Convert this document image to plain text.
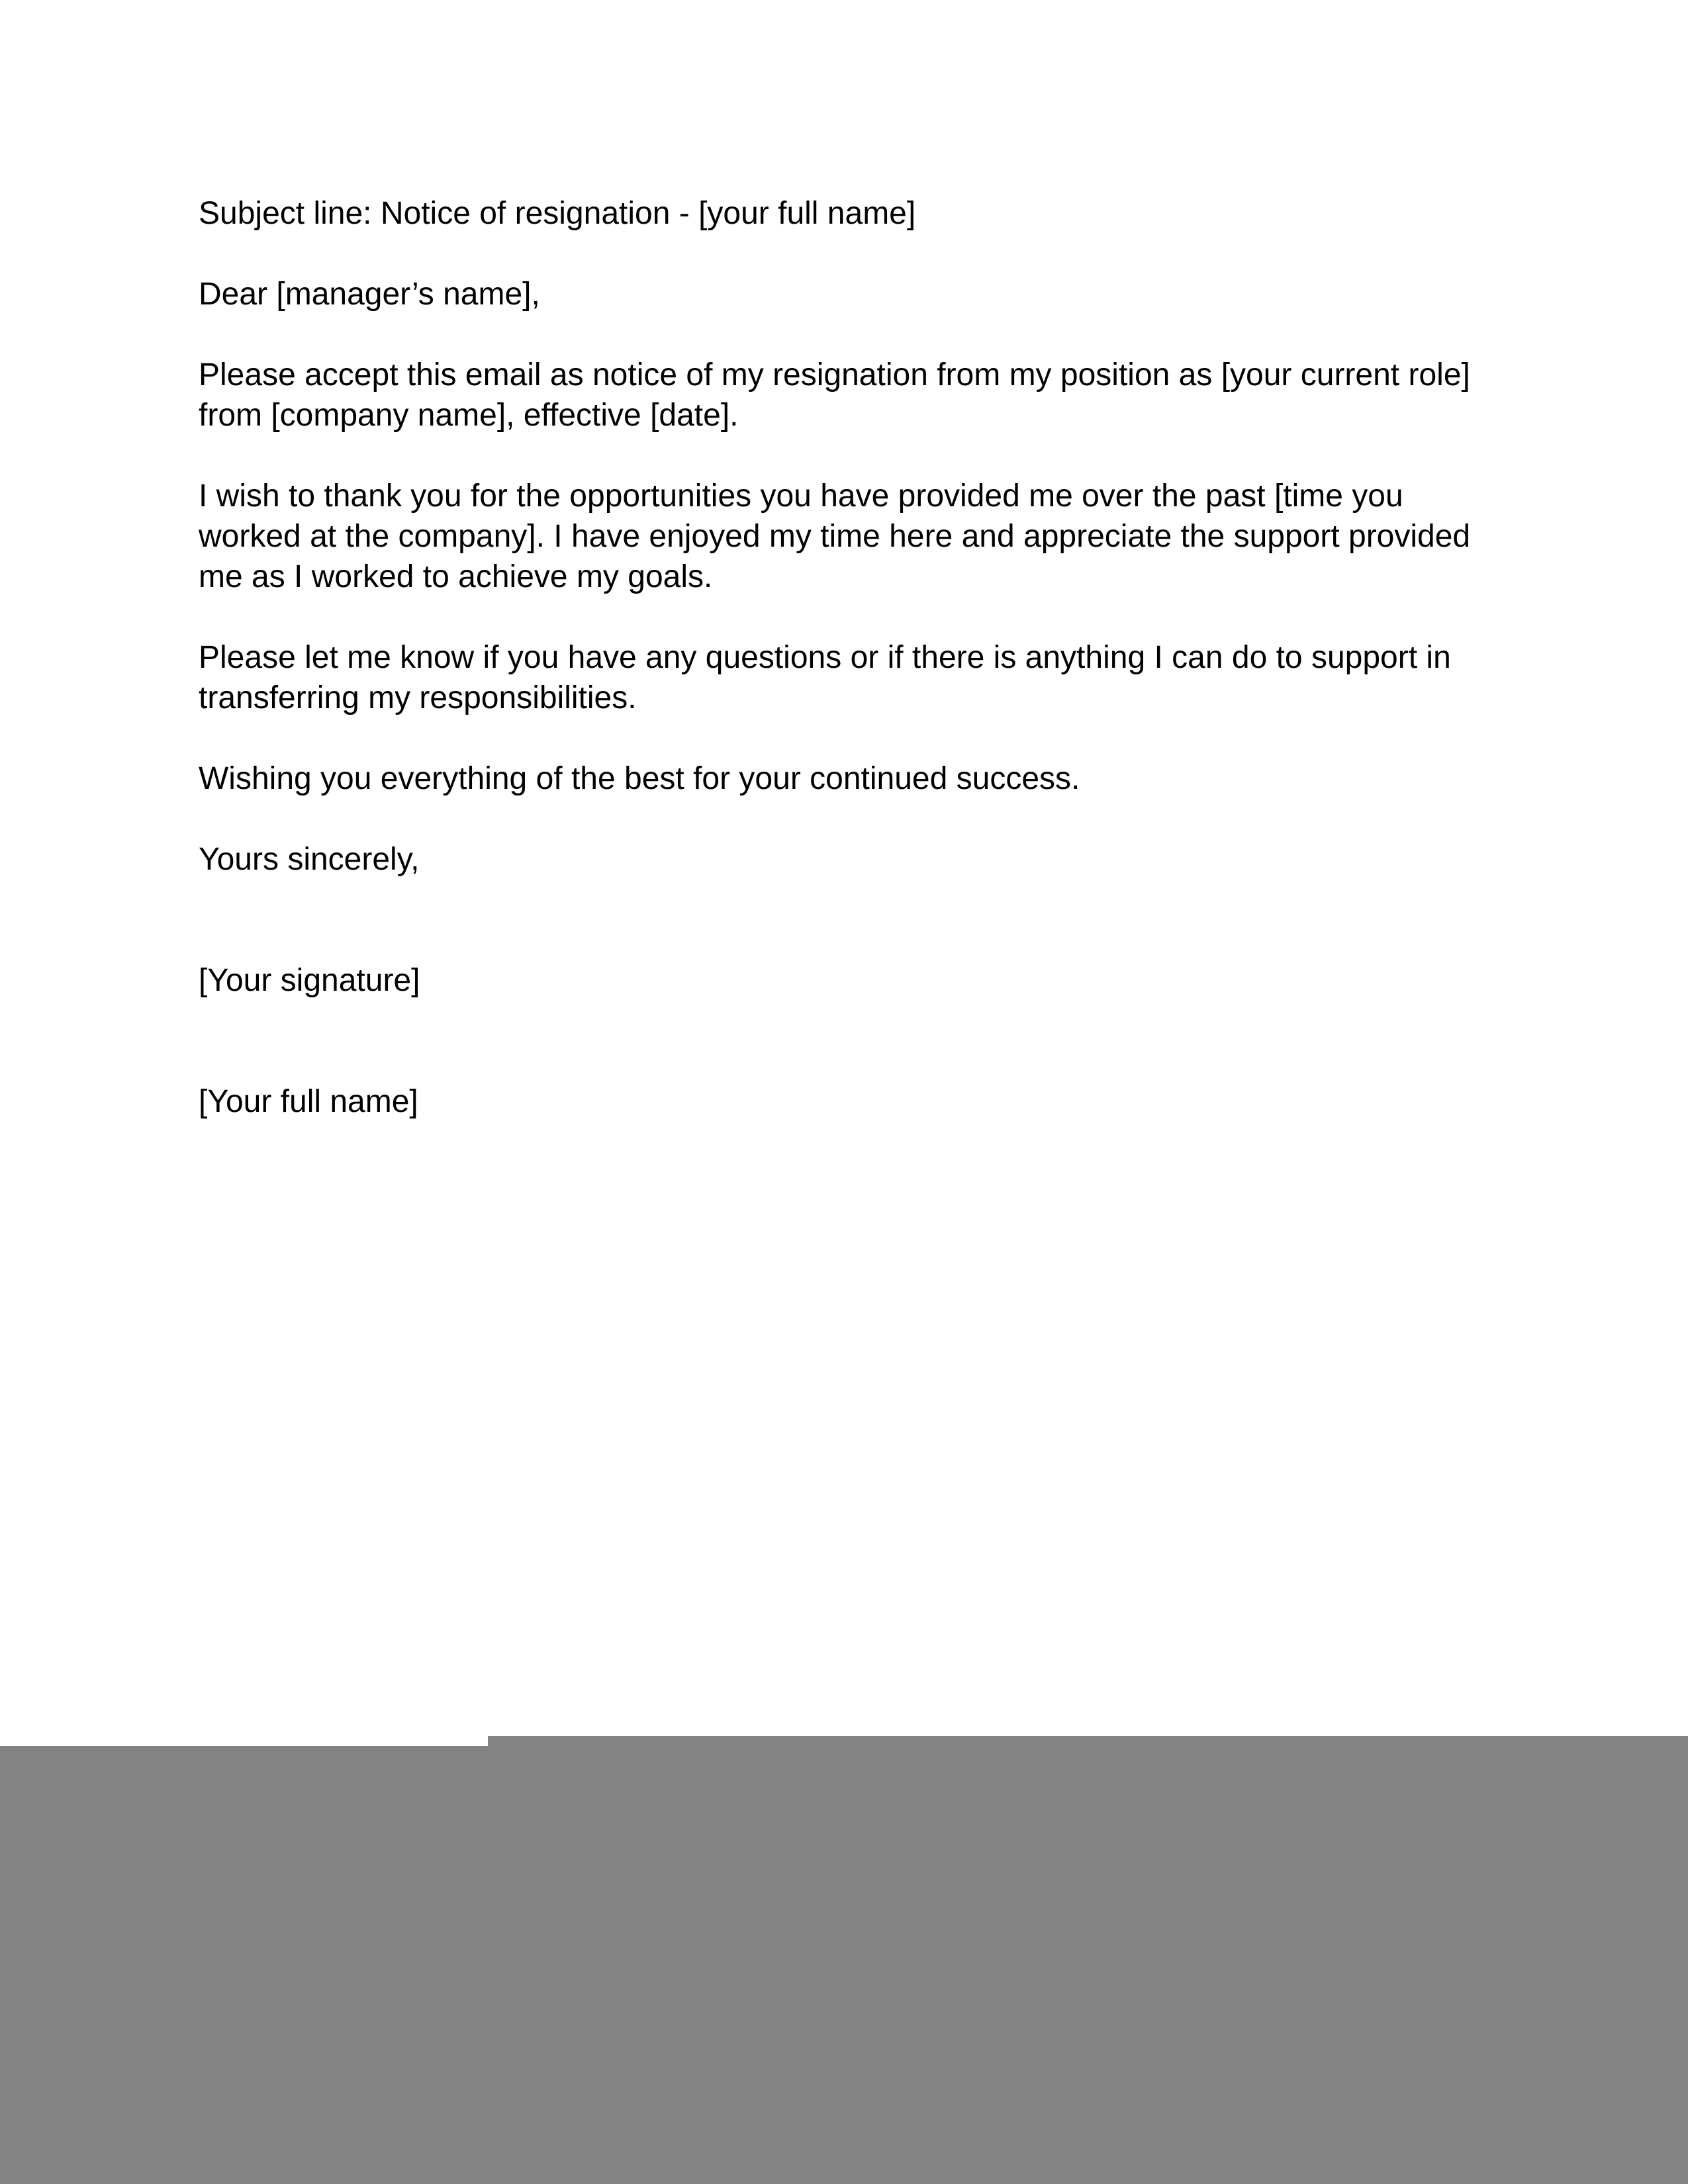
Subject line: Notice of resignation - [your full name]

Dear [manager’s name],

Please accept this email as notice of my resignation from my position as [your current role] from [company name], effective [date].

I wish to thank you for the opportunities you have provided me over the past [time you worked at the company]. I have enjoyed my time here and appreciate the support provided me as I worked to achieve my goals.

Please let me know if you have any questions or if there is anything I can do to support in transferring my responsibilities.

Wishing you everything of the best for your continued success.

Yours sincerely,

[Your signature]

[Your full name]
